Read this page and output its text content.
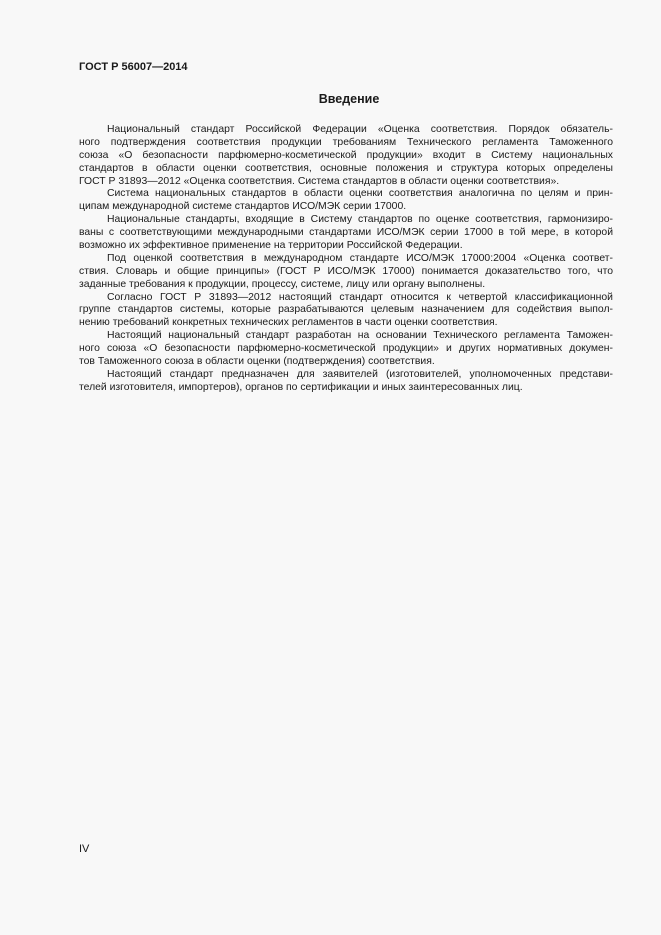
ГОСТ Р 56007—2014
Введение
Национальный стандарт Российской Федерации «Оценка соответствия. Порядок обязатель-
ного подтверждения соответствия продукции требованиям Технического регламента Таможенного
союза «О безопасности парфюмерно-косметической продукции» входит в Систему национальных
стандартов в области оценки соответствия, основные положения и структура которых определены
ГОСТ Р 31893—2012 «Оценка соответствия. Система стандартов в области оценки соответствия».
Система национальных стандартов в области оценки соответствия аналогична по целям и прин-
ципам международной системе стандартов ИСО/МЭК серии 17000.
Национальные стандарты, входящие в Систему стандартов по оценке соответствия, гармонизиро-
ваны с соответствующими международными стандартами ИСО/МЭК серии 17000 в той мере, в которой
возможно их эффективное применение на территории Российской Федерации.
Под оценкой соответствия в международном стандарте ИСО/МЭК 17000:2004 «Оценка соответ-
ствия. Словарь и общие принципы» (ГОСТ Р ИСО/МЭК 17000) понимается доказательство того, что
заданные требования к продукции, процессу, системе, лицу или органу выполнены.
Согласно ГОСТ Р 31893—2012 настоящий стандарт относится к четвертой классификационной
группе стандартов системы, которые разрабатываются целевым назначением для содействия выпол-
нению требований конкретных технических регламентов в части оценки соответствия.
Настоящий национальный стандарт разработан на основании Технического регламента Таможен-
ного союза «О безопасности парфюмерно-косметической продукции» и других нормативных докумен-
тов Таможенного союза в области оценки (подтверждения) соответствия.
Настоящий стандарт предназначен для заявителей (изготовителей, уполномоченных представи-
телей изготовителя, импортеров), органов по сертификации и иных заинтересованных лиц.
IV
